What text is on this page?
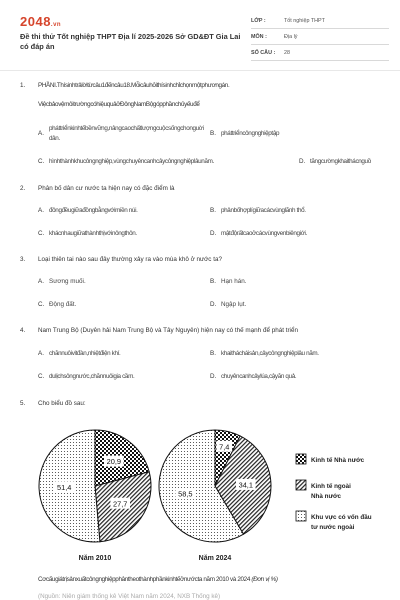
2048.vn
Đề thi thử Tốt nghiệp THPT Địa lí 2025-2026 Sở GD&ĐT Gia Lai có đáp án
LỚP :	Tốt nghiệp THPT
MÔN :	Địa lý
SỐ CÂU :	28
1. PHẦNI.Thísinhtrảlờitừcâu1đếncâu18.Mỗicâuhỏithísinhchỉchọnmộtphươngán.
ViệcbảovệmôitrườngcóhiệuquảởĐôngNamBộgópphầnchủyếuđể
A.
pháttriểnkinhtếbềnvững,nângcaochấtlượngcuộcsốngchonguời
dân.
B. pháttriểncôngnghiệptập
C. hìnhthànhkhucôngnghiệp,vùngchuyêncanhcâycôngnghiệplâunăm.	D. tăngcườngkhaithácnguồ
2. Phân bố dân cư nước ta hiện nay có đặc điểm là
A. đôngđềugiữađồngbằngvớimiền núi.	B. phânbốhợplígiữacácvùnglãnh thổ.
C. khácnhaugiữathànhthịvớinôngthôn.	D. mậtđộrấtcaoởcácvùngvenbiêngiới.
3. Loại thiên tai nào sau đây thường xảy ra vào mùa khô ở nước ta?
A. Sương muối.	B. Hạn hán.
C. Động đất.	D. Ngập lụt.
4. Nam Trung Bộ (Duyên hải Nam Trung Bộ và Tây Nguyên) hiện nay có thế mạnh để phát triển
A. chănnuôivitđàn,nhiệtđiện khí.	B. khaithácháisản,câycôngnghiệplâu năm.
C. dulịchsôngnước,chănnuôigia cầm.	D. chuyêncanhcâylúa,cậyăn quả.
5. Cho biểu đồ sau:
20,9
27,7
51,4
Năm 2010
7,4
34,1
58,5
Năm 2024
Kinh tế Nhà nước
Kinh tế ngoài
Nhà nước
Khu vực có vốn đầu
tư nước ngoài
Cơcấugiátrịsảnxuấtcôngnghiệpphântheothànhphầnkinhtếởnướcta năm 2010 và 2024 (Đơn vị %)
(Nguồn: Niên giám thống kê Việt Nam năm 2024, NXB Thống kê)
